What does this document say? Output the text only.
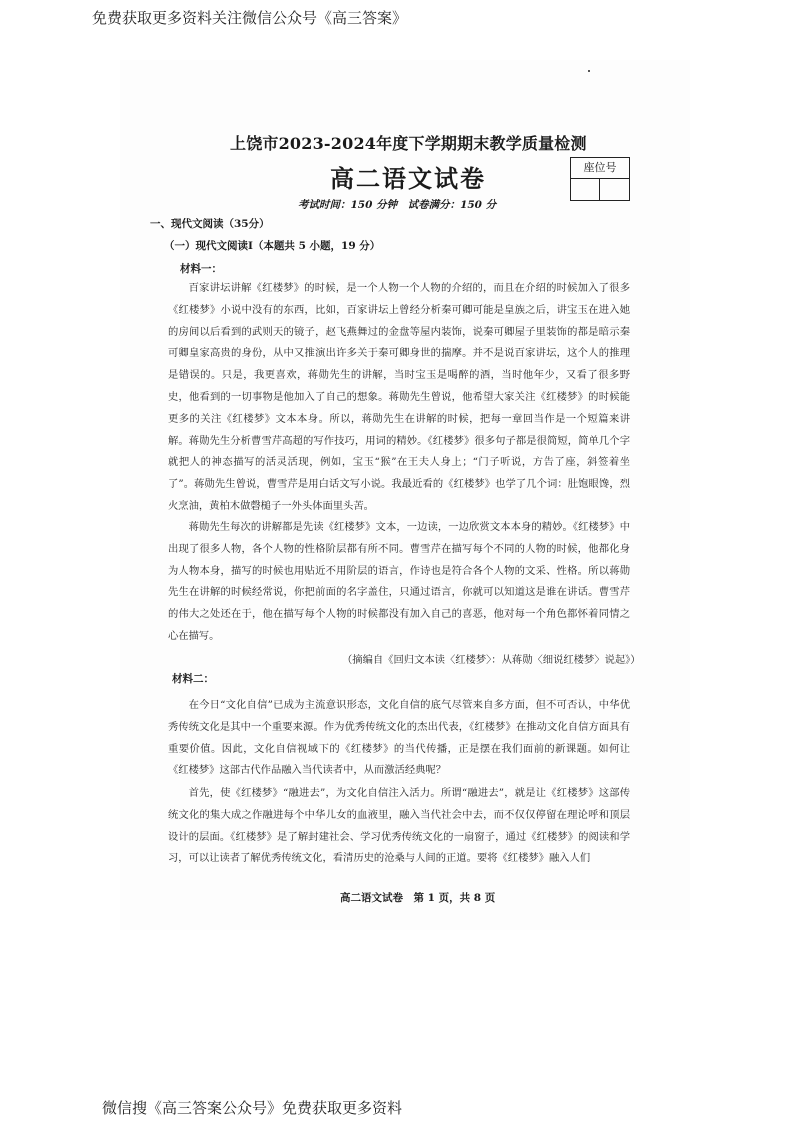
免费获取更多资料关注微信公众号《高三答案》
上饶市2023-2024年度下学期期末教学质量检测
高二语文试卷	座位号
考试时间：150 分钟　试卷满分：150 分
一、现代文阅读（35分）
（一）现代文阅读Ⅰ（本题共 5 小题，19 分）
材料一：
百家讲坛讲解《红楼梦》的时候，是一个人物一个人物的介绍的，而且在介绍的时候加入了很多《红楼梦》小说中没有的东西，比如，百家讲坛上曾经分析秦可卿可能是皇族之后，讲宝玉在进入她的房间以后看到的武则天的镜子，赵飞燕舞过的金盘等屋内装饰，说秦可卿屋子里装饰的都是暗示秦可卿皇家高贵的身份，从中又推演出许多关于秦可卿身世的揣摩。并不是说百家讲坛，这个人的推理是错误的。只是，我更喜欢，蒋勋先生的讲解，当时宝玉是喝醉的酒，当时他年少，又看了很多野史，他看到的一切事物是他加入了自己的想象。蒋勋先生曾说，他希望大家关注《红楼梦》的时候能更多的关注《红楼梦》文本本身。所以，蒋勋先生在讲解的时候，把每一章回当作是一个短篇来讲解。蒋勋先生分析曹雪芹高超的写作技巧，用词的精妙。《红楼梦》很多句子都是很简短，简单几个字就把人的神态描写的活灵活现，例如，宝玉“猴”在王夫人身上；“门子听说，方告了座，斜签着坐了”。蒋勋先生曾说，曹雪芹是用白话文写小说。我最近看的《红楼梦》也学了几个词：肚饱眼馋，烈火烹油，黄柏木做磬槌子一外头体面里头苦。
蒋勋先生每次的讲解都是先读《红楼梦》文本，一边读，一边欣赏文本本身的精妙。《红楼梦》中出现了很多人物，各个人物的性格阶层都有所不同。曹雪芹在描写每个不同的人物的时候，他都化身为人物本身，描写的时候也用贴近不用阶层的语言，作诗也是符合各个人物的文采、性格。所以蒋勋先生在讲解的时候经常说，你把前面的名字盖住，只通过语言，你就可以知道这是谁在讲话。曹雪芹的伟大之处还在于，他在描写每个人物的时候都没有加入自己的喜恶，他对每一个角色都怀着同情之心在描写。
（摘编自《回归文本读〈红楼梦〉：从蒋勋〈细说红楼梦〉说起》）
材料二：
在今日“文化自信”已成为主流意识形态，文化自信的底气尽管来自多方面，但不可否认，中华优秀传统文化是其中一个重要来源。作为优秀传统文化的杰出代表，《红楼梦》在推动文化自信方面具有重要价值。因此，文化自信视域下的《红楼梦》的当代传播，正是摆在我们面前的新课题。如何让《红楼梦》这部古代作品融入当代读者中，从而激活经典呢？
首先，使《红楼梦》“融进去”，为文化自信注入活力。所谓“融进去”，就是让《红楼梦》这部传统文化的集大成之作融进每个中华儿女的血液里，融入当代社会中去，而不仅仅停留在理论呼和顶层设计的层面。《红楼梦》是了解封建社会、学习优秀传统文化的一扇窗子，通过《红楼梦》的阅读和学习，可以让读者了解优秀传统文化，看清历史的沧桑与人间的正道。要将《红楼梦》融入人们
高二语文试卷　第 1 页，共 8 页
微信搜《高三答案公众号》免费获取更多资料
